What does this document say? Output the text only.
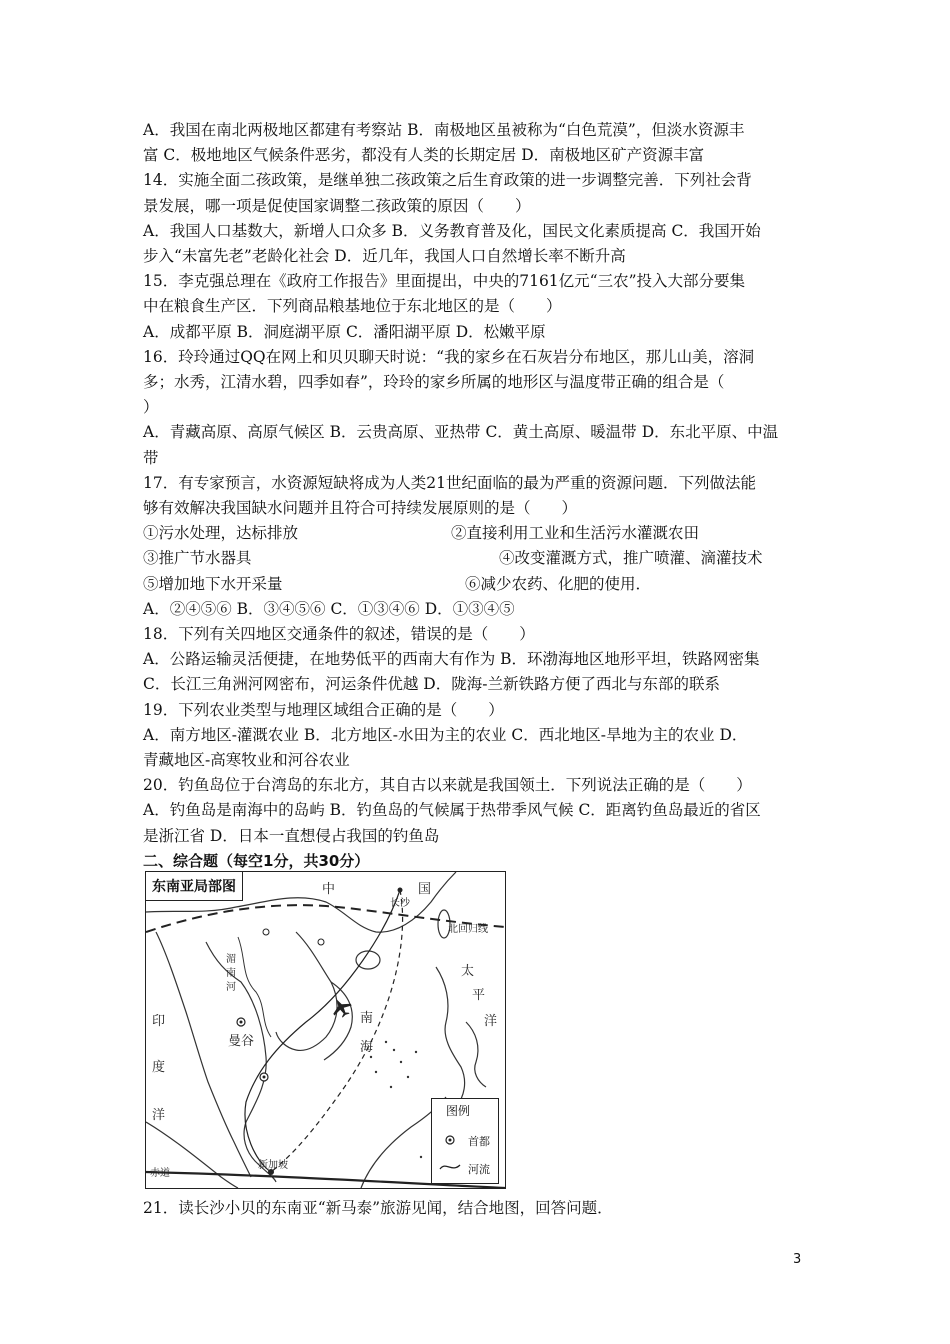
A．我国在南北两极地区都建有考察站 B．南极地区虽被称为“白色荒漠”，但淡水资源丰

富 C．极地地区气候条件恶劣，都没有人类的长期定居 D．南极地区矿产资源丰富

14．实施全面二孩政策，是继单独二孩政策之后生育政策的进一步调整完善．下列社会背

景发展，哪一项是促使国家调整二孩政策的原因（　　）

A．我国人口基数大，新增人口众多 B．义务教育普及化，国民文化素质提高 C．我国开始

步入“未富先老”老龄化社会 D．近几年，我国人口自然增长率不断升高

15．李克强总理在《政府工作报告》里面提出，中央的7161亿元“三农”投入大部分要集

中在粮食生产区．下列商品粮基地位于东北地区的是（　　）

A．成都平原 B．洞庭湖平原 C．潘阳湖平原 D．松嫩平原

16．玲玲通过QQ在网上和贝贝聊天时说：“我的家乡在石灰岩分布地区，那儿山美，溶洞

多；水秀，江清水碧，四季如春”，玲玲的家乡所属的地形区与温度带正确的组合是（

）

A．青藏高原、高原气候区 B．云贵高原、亚热带 C．黄土高原、暖温带 D．东北平原、中温

带

17．有专家预言，水资源短缺将成为人类21世纪面临的最为严重的资源问题．下列做法能

够有效解决我国缺水问题并且符合可持续发展原则的是（　　）

①污水处理，达标排放	②直接利用工业和生活污水灌溉农田
③推广节水器具	④改变灌溉方式，推广喷灌、滴灌技术
⑤增加地下水开采量	⑥减少农药、化肥的使用．

A．②④⑤⑥ B．③④⑤⑥ C．①③④⑥ D．①③④⑤

18．下列有关四地区交通条件的叙述，错误的是（　　）

A．公路运输灵活便捷，在地势低平的西南大有作为 B．环渤海地区地形平坦，铁路网密集

C．长江三角洲河网密布，河运条件优越 D．陇海-兰新铁路方便了西北与东部的联系

19．下列农业类型与地理区域组合正确的是（　　）

A．南方地区-灌溉农业 B．北方地区-水田为主的农业 C．西北地区-旱地为主的农业 D．

青藏地区-高寒牧业和河谷农业

20．钓鱼岛位于台湾岛的东北方，其自古以来就是我国领土．下列说法正确的是（　　）

A．钓鱼岛是南海中的岛屿 B．钓鱼岛的气候属于热带季风气候 C．距离钓鱼岛最近的省区

是浙江省 D．日本一直想侵占我国的钓鱼岛

二、综合题（每空1分，共30分）

东南亚局部图	中
长沙
国
北回归线
太
平
洋
印
度
洋
南
海
湄
南
河
曼谷
赤道
新加坡
图例
首都
河流
21．读长沙小贝的东南亚“新马泰”旅游见闻，结合地图，回答问题．
3
